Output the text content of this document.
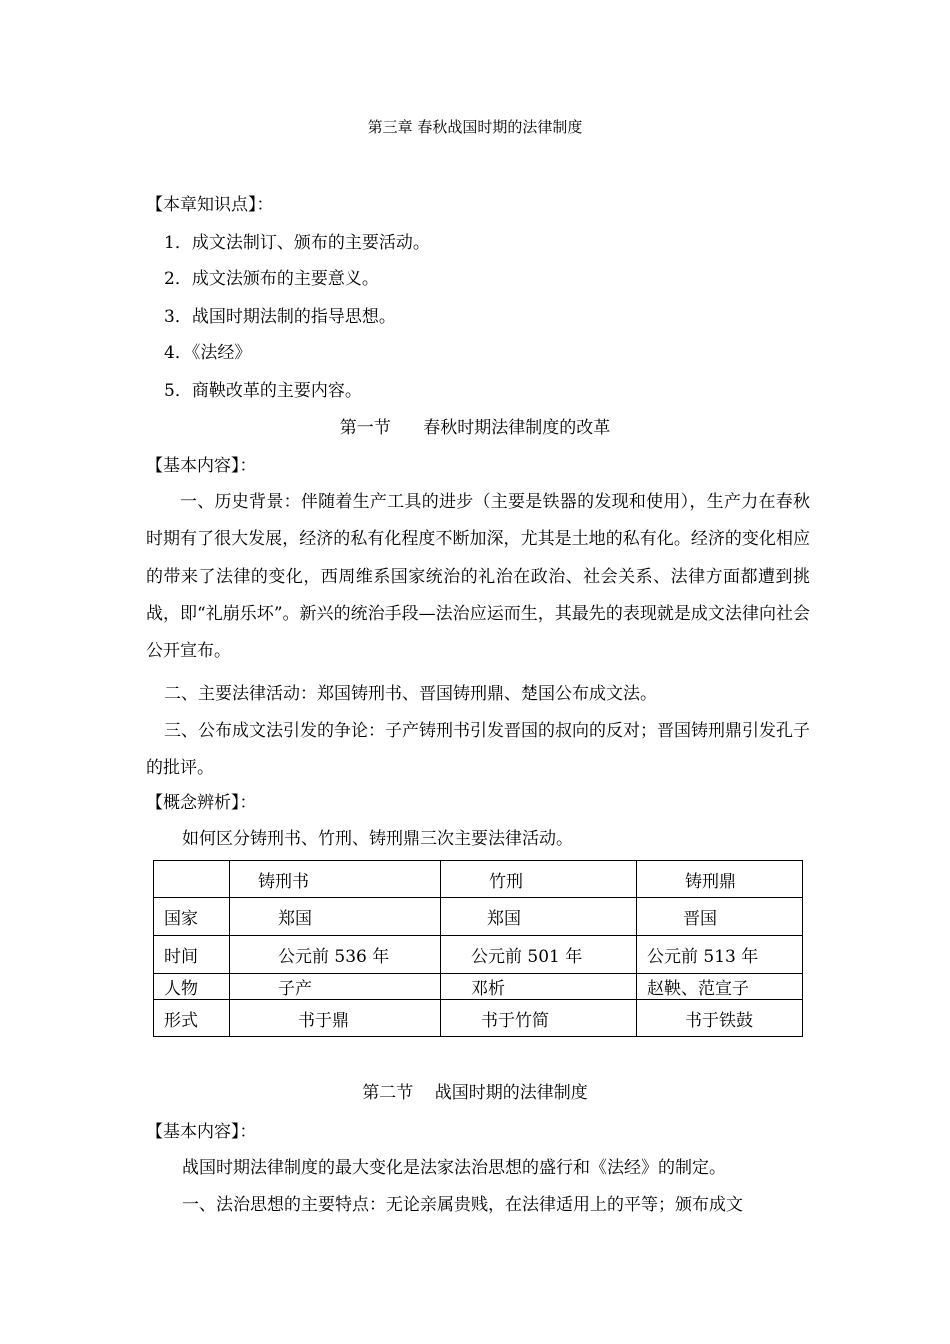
第三章 春秋战国时期的法律制度
【本章知识点】：
1．成文法制订、颁布的主要活动。
2．成文法颁布的主要意义。
3．战国时期法制的指导思想。
4．《法经》
5．商鞅改革的主要内容。
第一节      春秋时期法律制度的改革
【基本内容】：
一、历史背景：伴随着生产工具的进步（主要是铁器的发现和使用），生产力在春秋时期有了很大发展，经济的私有化程度不断加深，尤其是土地的私有化。经济的变化相应的带来了法律的变化，西周维系国家统治的礼治在政治、社会关系、法律方面都遭到挑战，即“礼崩乐坏”。新兴的统治手段—法治应运而生，其最先的表现就是成文法律向社会公开宣布。
二、主要法律活动：郑国铸刑书、晋国铸刑鼎、楚国公布成文法。
三、公布成文法引发的争论：子产铸刑书引发晋国的叔向的反对；晋国铸刑鼎引发孔子的批评。
【概念辨析】：
如何区分铸刑书、竹刑、铸刑鼎三次主要法律活动。
	铸刑书	竹刑	铸刑鼎
国家	郑国	郑国	晋国
时间	公元前 536 年	公元前 501 年	公元前 513 年
人物	子产	邓析	赵鞅、范宣子
形式	书于鼎	书于竹简	书于铁鼓
第二节    战国时期的法律制度
【基本内容】：
战国时期法律制度的最大变化是法家法治思想的盛行和《法经》的制定。
一、法治思想的主要特点：无论亲属贵贱，在法律适用上的平等；颁布成文
